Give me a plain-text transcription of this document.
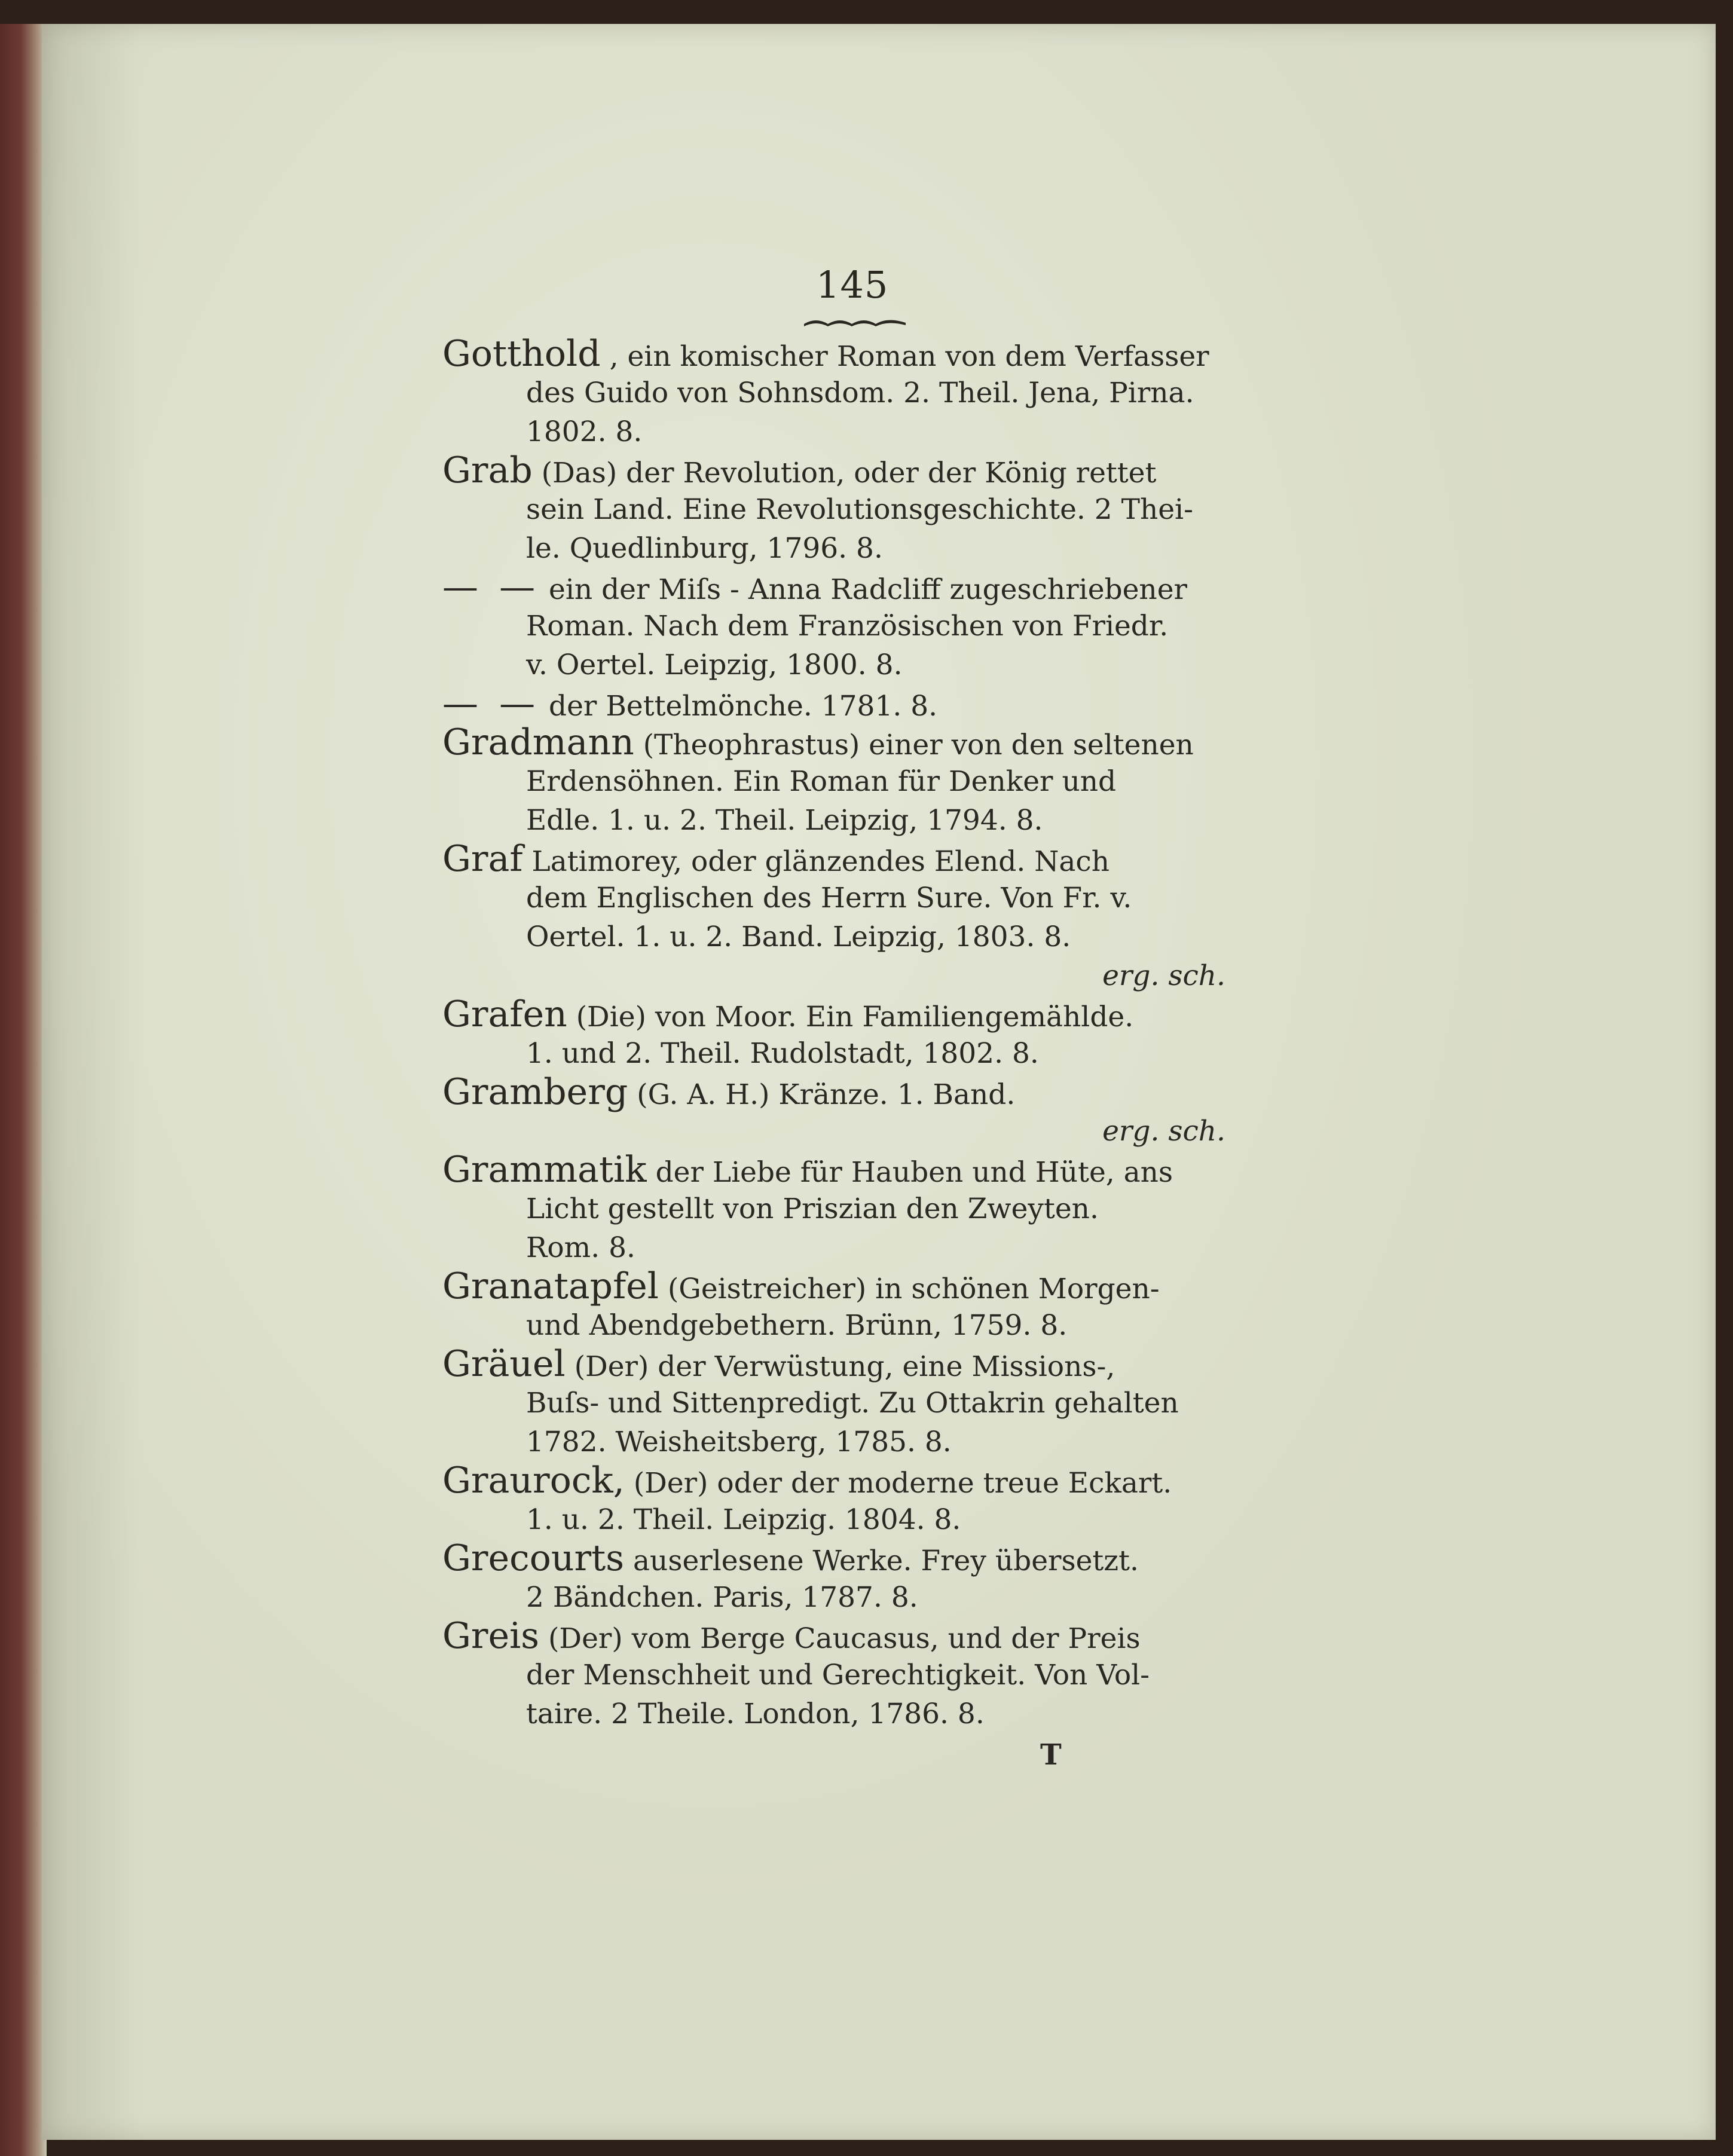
145
Gotthold , ein komischer Roman von dem Verfasser
des Guido von Sohnsdom. 2. Theil. Jena, Pirna.
1802. 8.
Grab (Das) der Revolution, oder der König rettet
sein Land. Eine Revolutionsgeschichte. 2 Thei-
le. Quedlinburg, 1796. 8.
— — ein der Miſs - Anna Radcliff zugeschriebener
Roman. Nach dem Französischen von Friedr.
v. Oertel. Leipzig, 1800. 8.
— — der Bettelmönche. 1781. 8.
Gradmann (Theophrastus) einer von den seltenen
Erdensöhnen. Ein Roman für Denker und
Edle. 1. u. 2. Theil. Leipzig, 1794. 8.
Graf Latimorey, oder glänzendes Elend. Nach
dem Englischen des Herrn Sure. Von Fr. v.
Oertel. 1. u. 2. Band. Leipzig, 1803. 8.
erg. sch.
Grafen (Die) von Moor. Ein Familiengemählde.
1. und 2. Theil. Rudolstadt, 1802. 8.
Gramberg (G. A. H.) Kränze. 1. Band.
erg. sch.
Grammatik der Liebe für Hauben und Hüte, ans
Licht gestellt von Priszian den Zweyten.
Rom. 8.
Granatapfel (Geistreicher) in schönen Morgen-
und Abendgebethern. Brünn, 1759. 8.
Gräuel (Der) der Verwüstung, eine Missions-,
Buſs- und Sittenpredigt. Zu Ottakrin gehalten
1782. Weisheitsberg, 1785. 8.
Graurock, (Der) oder der moderne treue Eckart.
1. u. 2. Theil. Leipzig. 1804. 8.
Grecourts auserlesene Werke. Frey übersetzt.
2 Bändchen. Paris, 1787. 8.
Greis (Der) vom Berge Caucasus, und der Preis
der Menschheit und Gerechtigkeit. Von Vol-
taire. 2 Theile. London, 1786. 8.
T
